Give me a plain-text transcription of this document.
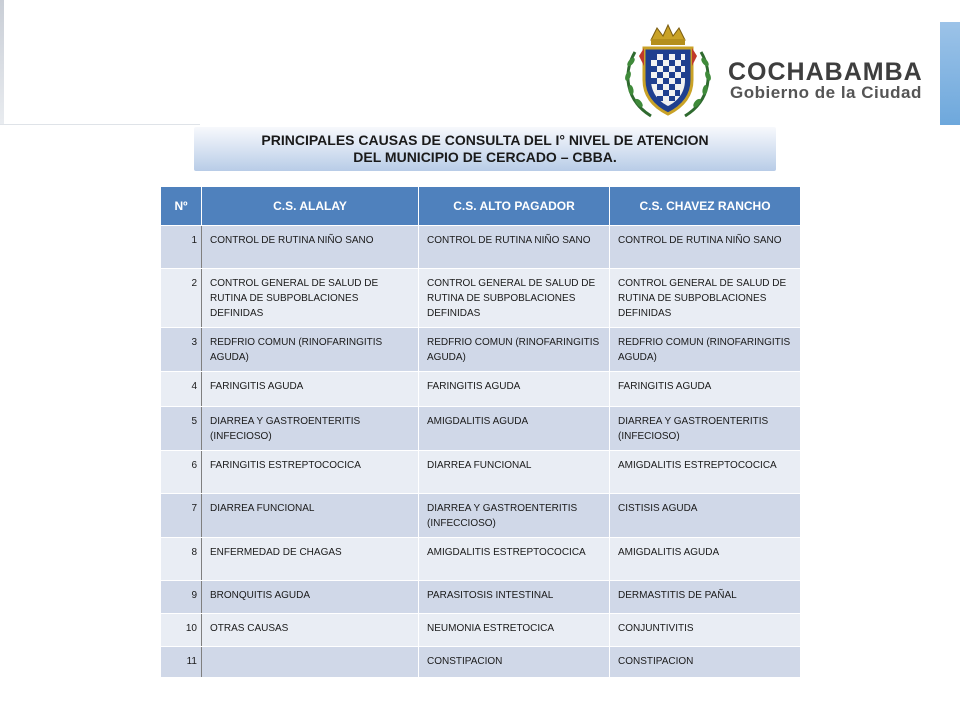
COCHABAMBA
Gobierno de la Ciudad
PRINCIPALES CAUSAS DE CONSULTA DEL I° NIVEL DE ATENCION
DEL MUNICIPIO DE CERCADO – CBBA.
Nº	C.S. ALALAY	C.S. ALTO PAGADOR	C.S. CHAVEZ RANCHO
1	CONTROL DE RUTINA NIÑO SANO	CONTROL DE RUTINA NIÑO SANO	CONTROL DE RUTINA NIÑO SANO
2	CONTROL GENERAL DE SALUD DE RUTINA DE SUBPOBLACIONES DEFINIDAS	CONTROL GENERAL DE SALUD DE RUTINA DE SUBPOBLACIONES DEFINIDAS	CONTROL GENERAL DE SALUD DE RUTINA DE SUBPOBLACIONES DEFINIDAS
3	REDFRIO COMUN (RINOFARINGITIS AGUDA)	REDFRIO COMUN (RINOFARINGITIS AGUDA)	REDFRIO COMUN (RINOFARINGITIS AGUDA)
4	FARINGITIS AGUDA	FARINGITIS AGUDA	FARINGITIS AGUDA
5	DIARREA Y GASTROENTERITIS (INFECIOSO)	AMIGDALITIS AGUDA	DIARREA Y GASTROENTERITIS (INFECIOSO)
6	FARINGITIS ESTREPTOCOCICA	DIARREA FUNCIONAL	AMIGDALITIS ESTREPTOCOCICA
7	DIARREA FUNCIONAL	DIARREA Y GASTROENTERITIS (INFECCIOSO)	CISTISIS AGUDA
8	ENFERMEDAD DE CHAGAS	AMIGDALITIS ESTREPTOCOCICA	AMIGDALITIS AGUDA
9	BRONQUITIS AGUDA	PARASITOSIS INTESTINAL	DERMASTITIS DE PAÑAL
10	OTRAS CAUSAS	NEUMONIA ESTRETOCICA	CONJUNTIVITIS
11		CONSTIPACION	CONSTIPACION
